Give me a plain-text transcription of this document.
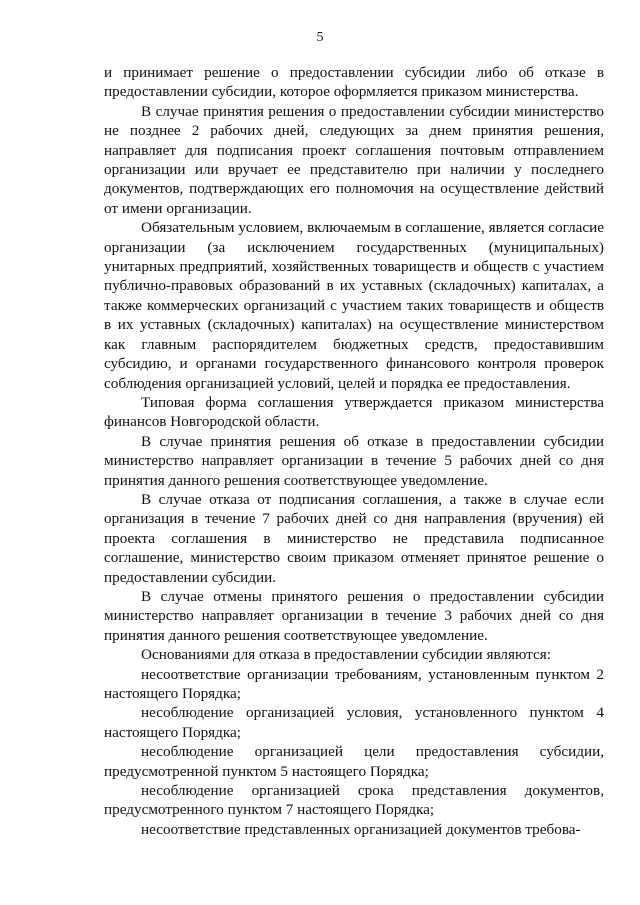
5

и принимает решение о предоставлении субсидии либо об отказе в предоставлении субсидии, которое оформляется приказом министерства.

В случае принятия решения о предоставлении субсидии министерство не позднее 2 рабочих дней, следующих за днем принятия решения, направляет для подписания проект соглашения почтовым отправлением организации или вручает ее представителю при наличии у последнего документов, подтверждающих его полномочия на осуществление действий от имени организации.

Обязательным условием, включаемым в соглашение, является согласие организации (за исключением государственных (муниципальных) унитарных предприятий, хозяйственных товариществ и обществ с участием публично-правовых образований в их уставных (складочных) капиталах, а также коммерческих организаций с участием таких товариществ и обществ в их уставных (складочных) капиталах) на осуществление министерством как главным распорядителем бюджетных средств, предоставившим субсидию, и органами государственного финансового контроля проверок соблюдения организацией условий, целей и порядка ее предоставления.

Типовая форма соглашения утверждается приказом министерства финансов Новгородской области.

В случае принятия решения об отказе в предоставлении субсидии министерство направляет организации в течение 5 рабочих дней со дня принятия данного решения соответствующее уведомление.

В случае отказа от подписания соглашения, а также в случае если организация в течение 7 рабочих дней со дня направления (вручения) ей проекта соглашения в министерство не представила подписанное соглашение, министерство своим приказом отменяет принятое решение о предоставлении субсидии.

В случае отмены принятого решения о предоставлении субсидии министерство направляет организации в течение 3 рабочих дней со дня принятия данного решения соответствующее уведомление.

Основаниями для отказа в предоставлении субсидии являются:

несоответствие организации требованиям, установленным пунктом 2 настоящего Порядка;

несоблюдение организацией условия, установленного пунктом 4 настоящего Порядка;

несоблюдение организацией цели предоставления субсидии, предусмотренной пунктом 5 настоящего Порядка;

несоблюдение организацией срока представления документов, предусмотренного пунктом 7 настоящего Порядка;

несоответствие представленных организацией документов требова-
